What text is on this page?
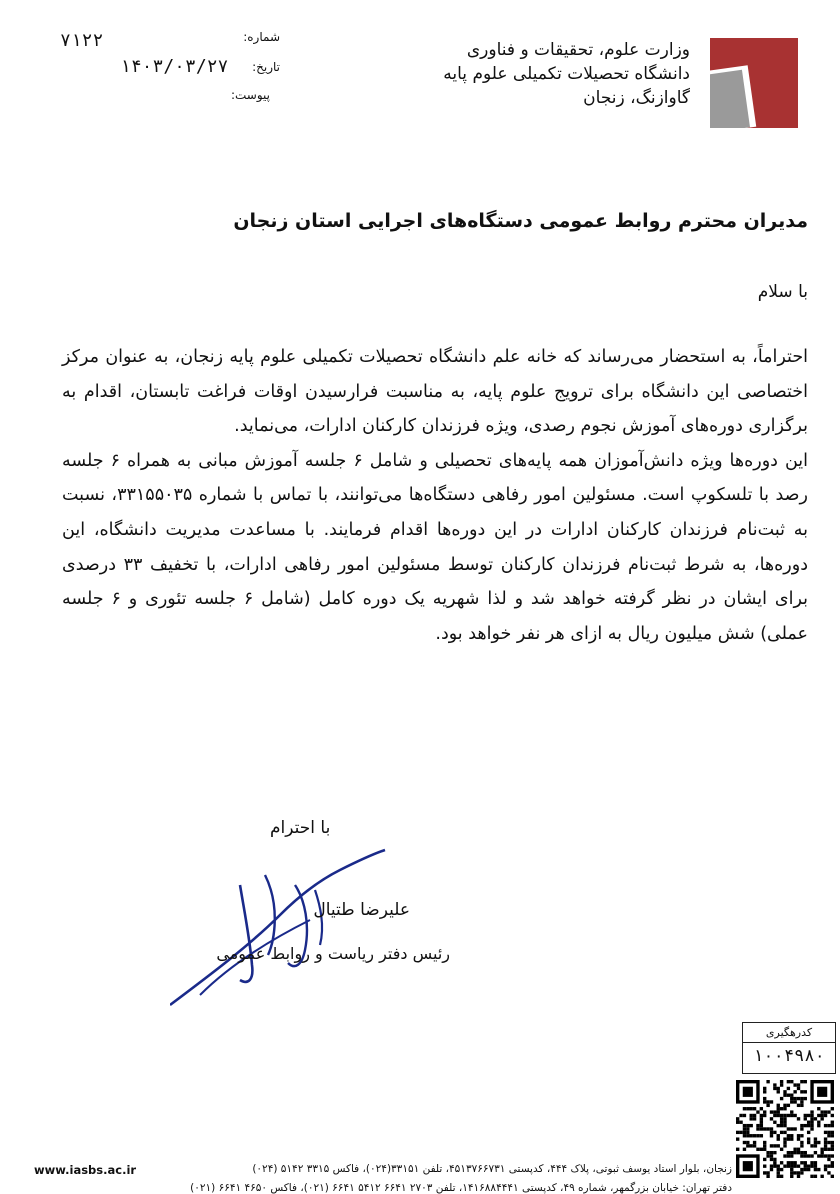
وزارت علوم، تحقیقات و فناوری
دانشگاه تحصیلات تکمیلی علوم پایه
گاوازنگ، زنجان
شماره:
۷۱۲۲
تاریخ:
۱۴۰۳/۰۳/۲۷
پیوست:
مدیران محترم روابط عمومی دستگاه‌های اجرایی استان زنجان
با سلام

احتراماً، به استحضار می‌رساند که خانه علم دانشگاه تحصیلات تکمیلی علوم پایه زنجان، به عنوان مرکز اختصاصی این دانشگاه برای ترویج علوم پایه، به مناسبت فرارسیدن اوقات فراغت تابستان، اقدام به برگزاری دوره‌های آموزش نجوم رصدی، ویژه فرزندان کارکنان ادارات، می‌نماید.

این دوره‌ها ویژه دانش‌آموزان همه پایه‌های تحصیلی و شامل ۶ جلسه آموزش مبانی به همراه ۶ جلسه رصد با تلسکوپ است. مسئولین امور رفاهی دستگاه‌ها می‌توانند، با تماس با شماره ۳۳۱۵۵۰۳۵، نسبت به ثبت‌نام فرزندان کارکنان ادارات در این دوره‌ها اقدام فرمایند. با مساعدت مدیریت دانشگاه، این دوره‌ها، به شرط ثبت‌نام فرزندان کارکنان توسط مسئولین امور رفاهی ادارات، با تخفیف ۳۳ درصدی برای ایشان در نظر گرفته خواهد شد و لذا شهریه یک دوره کامل (شامل ۶ جلسه تئوری و ۶ جلسه عملی) شش میلیون ریال به ازای هر نفر خواهد بود.

با احترام
علیرضا طتیال
رئیس دفتر ریاست و روابط عمومی
کدرهگیری
۱۰۰۴۹۸۰
www.iasbs.ac.ir	زنجان، بلوار استاد یوسف ثبوتی، پلاک ۴۴۴، کدپستی ۴۵۱۳۷۶۶۷۳۱، تلفن ۳۳۱۵۱(۰۲۴)، فاکس ۳۳۱۵ ۵۱۴۲ (۰۲۴)
دفتر تهران: خیابان بزرگمهر، شماره ۴۹، کدپستی ۱۴۱۶۸۸۴۴۴۱، تلفن ۲۷۰۳ ۶۶۴۱ ۵۴۱۲ ۶۶۴۱ (۰۲۱)، فاکس ۴۶۵۰ ۶۶۴۱ (۰۲۱)
